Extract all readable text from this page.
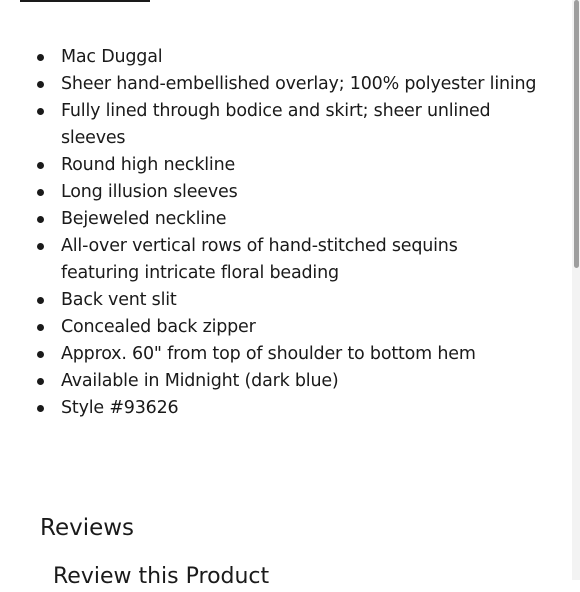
Mac Duggal
Sheer hand-embellished overlay; 100% polyester lining
Fully lined through bodice and skirt; sheer unlined sleeves
Round high neckline
Long illusion sleeves
Bejeweled neckline
All-over vertical rows of hand-stitched sequins featuring intricate floral beading
Back vent slit
Concealed back zipper
Approx. 60" from top of shoulder to bottom hem
Available in Midnight (dark blue)
Style #93626
Reviews
Review this Product
